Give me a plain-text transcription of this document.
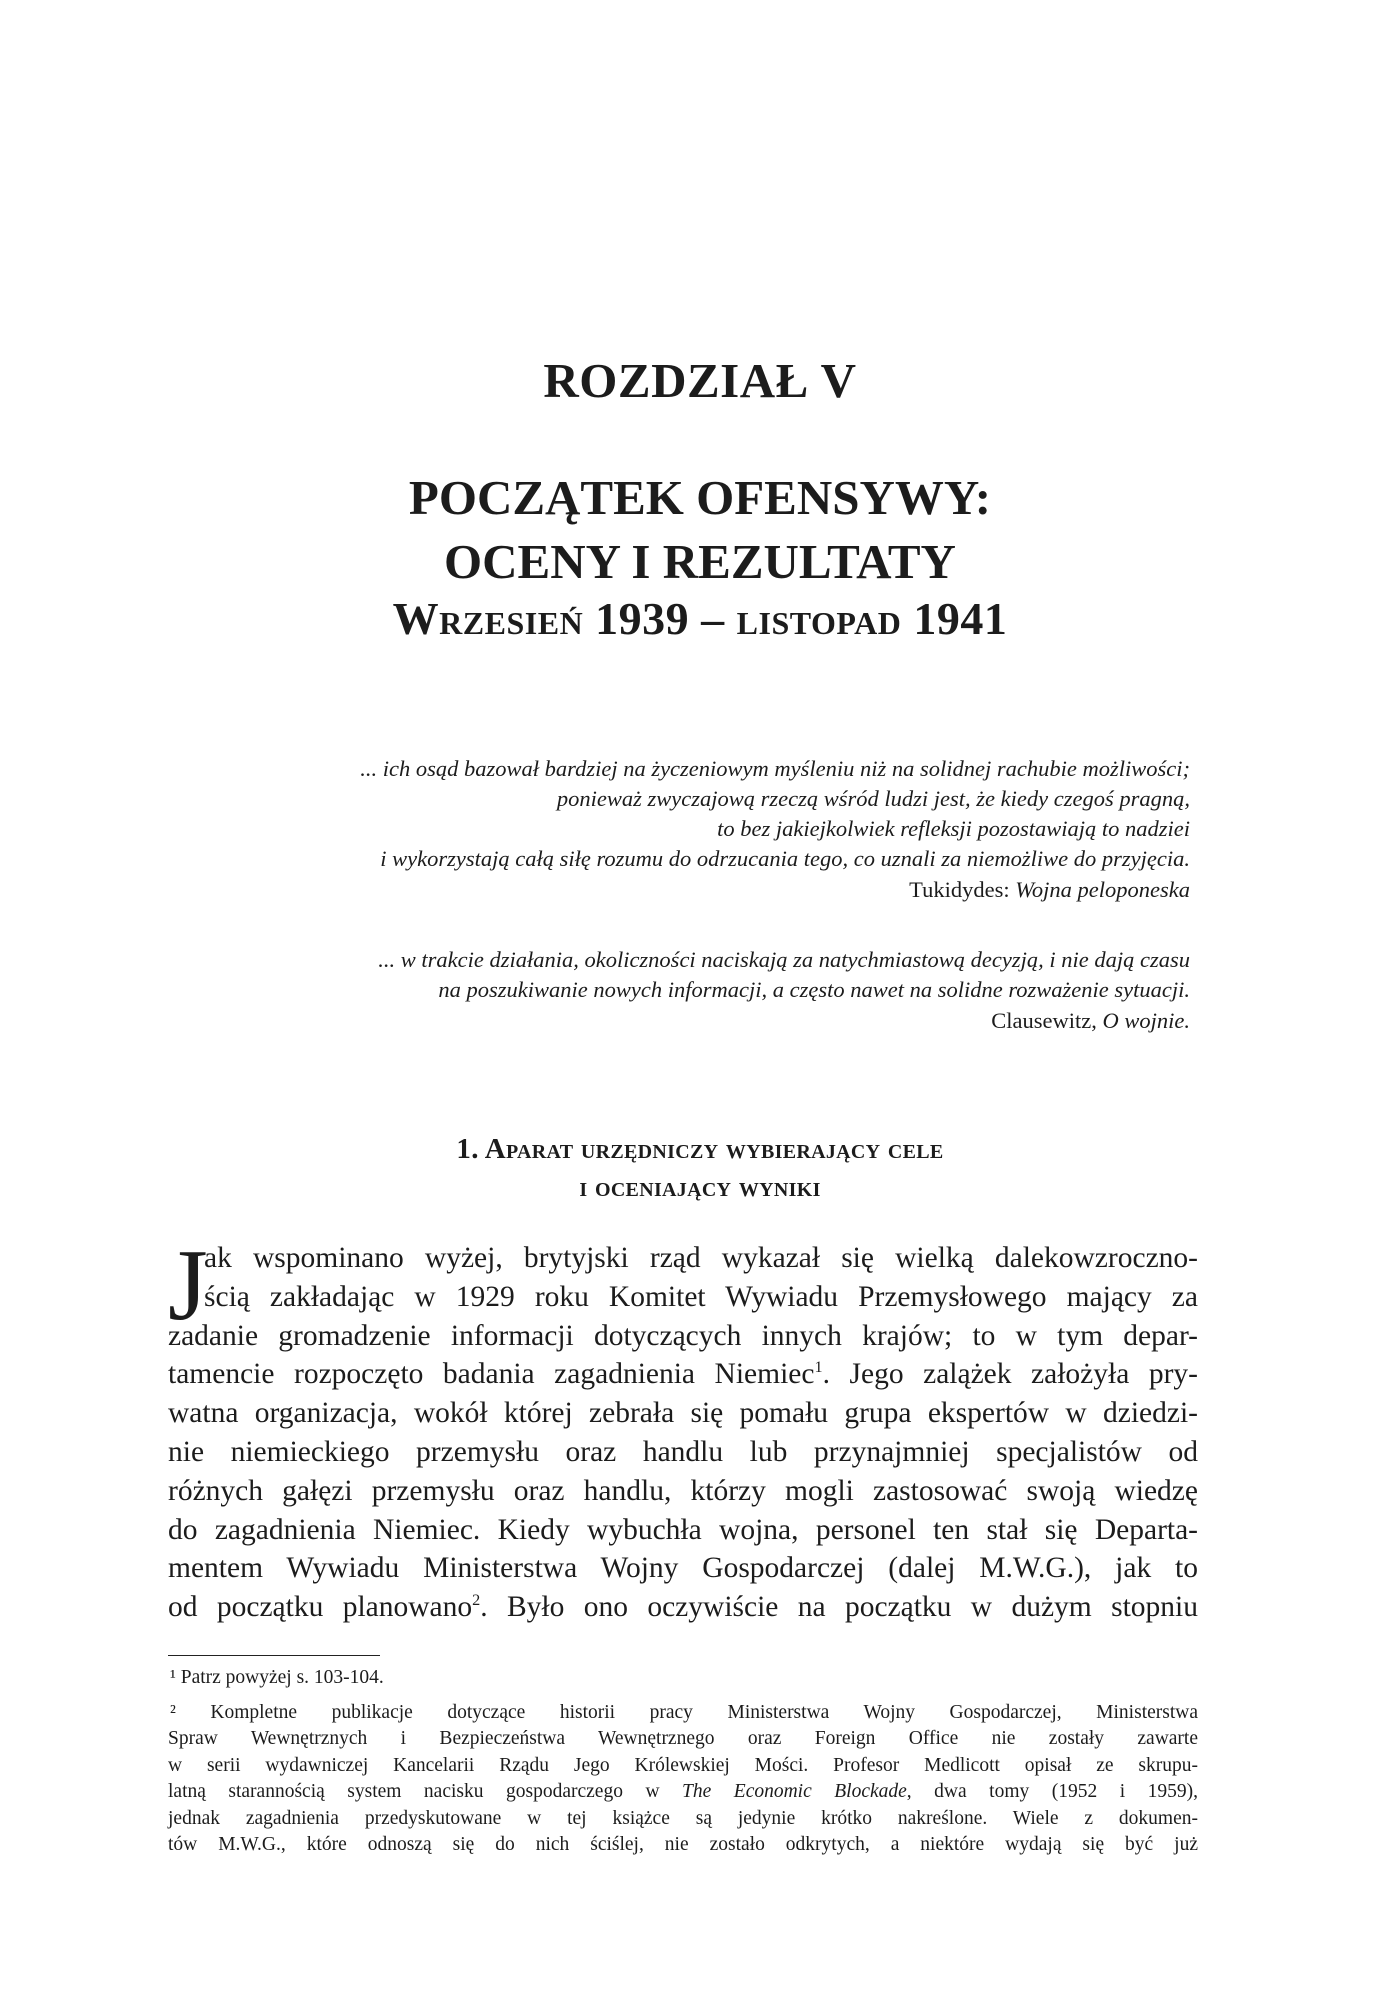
ROZDZIAŁ V
POCZĄTEK OFENSYWY:
OCENY I REZULTATY
Wrzesień 1939 – listopad 1941
... ich osąd bazował bardziej na życzeniowym myśleniu niż na solidnej rachubie możliwości;
ponieważ zwyczajową rzeczą wśród ludzi jest, że kiedy czegoś pragną,
to bez jakiejkolwiek refleksji pozostawiają to nadziei
i wykorzystają całą siłę rozumu do odrzucania tego, co uznali za niemożliwe do przyjęcia.
Tukidydes: Wojna peloponeska
... w trakcie działania, okoliczności naciskają za natychmiastową decyzją, i nie dają czasu
na poszukiwanie nowych informacji, a często nawet na solidne rozważenie sytuacji.
Clausewitz, O wojnie.
1. Aparat urzędniczy wybierający cele
i oceniający wyniki
J
ak wspominano wyżej, brytyjski rząd wykazał się wielką dalekowzroczno-
ścią zakładając w 1929 roku Komitet Wywiadu Przemysłowego mający za
zadanie gromadzenie informacji dotyczących innych krajów; to w tym depar-
tamencie rozpoczęto badania zagadnienia Niemiec$^1$. Jego zalążek założyła pry-
watna organizacja, wokół której zebrała się pomału grupa ekspertów w dziedzi-
nie niemieckiego przemysłu oraz handlu lub przynajmniej specjalistów od
różnych gałęzi przemysłu oraz handlu, którzy mogli zastosować swoją wiedzę
do zagadnienia Niemiec. Kiedy wybuchła wojna, personel ten stał się Departa-
mentem Wywiadu Ministerstwa Wojny Gospodarczej (dalej M.W.G.), jak to
od początku planowano$^2$. Było ono oczywiście na początku w dużym stopniu
¹ Patrz powyżej s. 103-104.
² Kompletne publikacje dotyczące historii pracy Ministerstwa Wojny Gospodarczej, Ministerstwa
Spraw Wewnętrznych i Bezpieczeństwa Wewnętrznego oraz Foreign Office nie zostały zawarte
w serii wydawniczej Kancelarii Rządu Jego Królewskiej Mości. Profesor Medlicott opisał ze skrupu-
latną starannością system nacisku gospodarczego w The Economic Blockade, dwa tomy (1952 i 1959),
jednak zagadnienia przedyskutowane w tej książce są jedynie krótko nakreślone. Wiele z dokumen-
tów M.W.G., które odnoszą się do nich ściślej, nie zostało odkrytych, a niektóre wydają się być już
